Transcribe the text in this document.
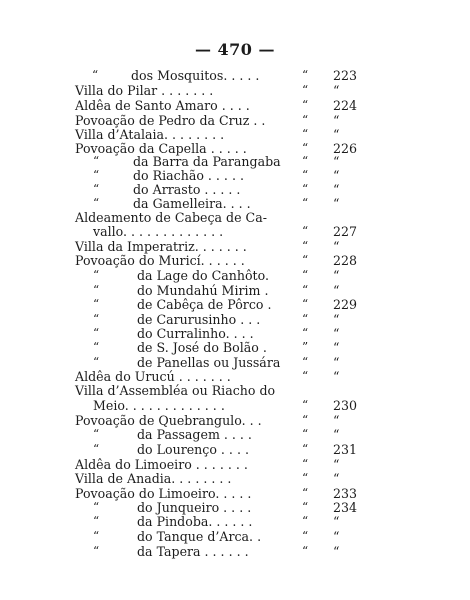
— 470 —
“	dos Mosquitos. . . . .	“ 223
Villa do Pilar . . . . . . .	“ “
Aldêa de Santo Amaro . . . .	“ 224
Povoação de Pedro da Cruz . .	“ “
Villa d’Atalaia. . . . . . . .	“ “
Povoação da Capella . . . . .	“ 226
“	da Barra da Parangaba “ “
“	do Riachão . . . . .	“ “
“	do Arrasto . . . . .	“ “
“	da Gamelleira. . . .	“ “
Aldeamento de Cabeça de Ca-
vallo. . . . . . . . . . . . .	“ 227
Villa da Imperatriz. . . . . . .	“ “
Povoação do Muricí. . . . . .	“ 228
“	da Lage do Canhôto.	“ “
“	do Mundahú Mirim .	“ “
“	de Cabêça de Pôrco .	“ 229
“	de Carurusinho . . .	“ “
“	do Curralinho. . . .	“ “
“	de S. José do Bolão .	” “
“	de Panellas ou Jussára “ “
Aldêa do Urucú . . . . . . .	“ “
Villa d’Assembléa ou Riacho do
Meio. . . . . . . . . . . . .	“ 230
Povoação de Quebrangulo. . .	“ “
“	da Passagem . . . .	“ “
“	do Lourenço . . . .	“ 231
Aldêa do Limoeiro . . . . . . .	“ “
Villa de Anadia. . . . . . . .	“ “
Povoação do Limoeiro. . . . .	“ 233
“	do Junqueiro . . . .	“ 234
“	da Pindoba. . . . . .	“ “
“	do Tanque d’Arca. .	“ “
“	da Tapera . . . . . .	“ “
